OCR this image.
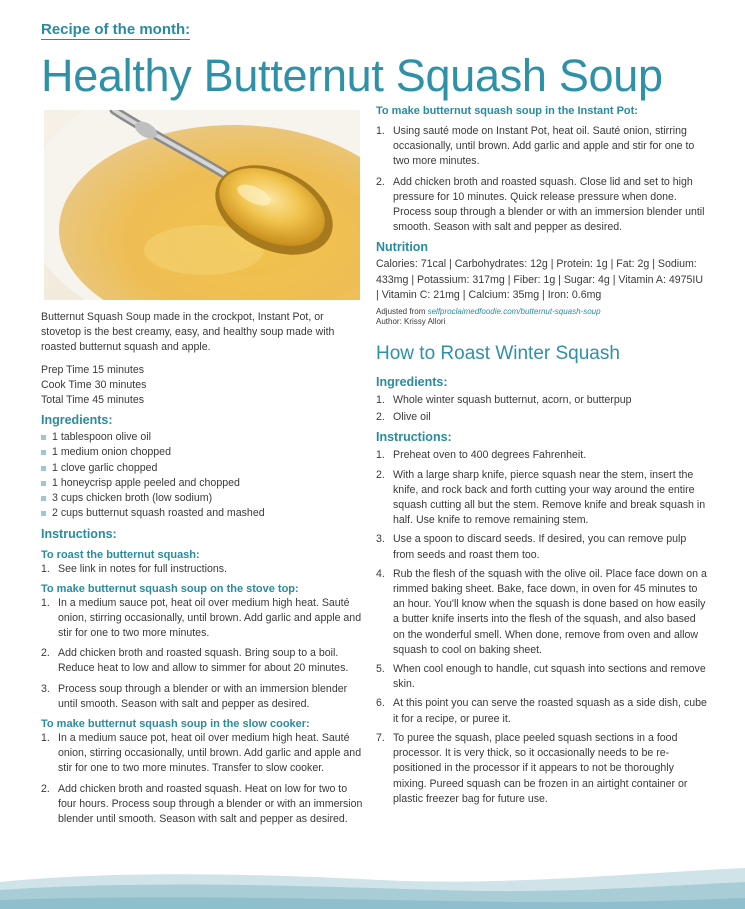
Recipe of the month:
Healthy Butternut Squash Soup
Butternut Squash Soup made in the crockpot, Instant Pot, or stovetop is the best creamy, easy, and healthy soup made with roasted butternut squash and apple.
Prep Time 15 minutes
Cook Time 30 minutes
Total Time 45 minutes
Ingredients:
1 tablespoon olive oil
1 medium onion chopped
1 clove garlic chopped
1 honeycrisp apple peeled and chopped
3 cups chicken broth (low sodium)
2 cups butternut squash roasted and mashed
Instructions:
To roast the butternut squash:
1. See link in notes for full instructions.
To make butternut squash soup on the stove top:
1. In a medium sauce pot, heat oil over medium high heat. Sauté onion, stirring occasionally, until brown. Add garlic and apple and stir for one to two more minutes.
2. Add chicken broth and roasted squash. Bring soup to a boil. Reduce heat to low and allow to simmer for about 20 minutes.
3. Process soup through a blender or with an immersion blender until smooth. Season with salt and pepper as desired.
To make butternut squash soup in the slow cooker:
1. In a medium sauce pot, heat oil over medium high heat. Sauté onion, stirring occasionally, until brown. Add garlic and apple and stir for one to two more minutes. Transfer to slow cooker.
2. Add chicken broth and roasted squash. Heat on low for two to four hours. Process soup through a blender or with an immersion blender until smooth. Season with salt and pepper as desired.
To make butternut squash soup in the Instant Pot:
1. Using sauté mode on Instant Pot, heat oil. Sauté onion, stirring occasionally, until brown. Add garlic and apple and stir for one to two more minutes.
2. Add chicken broth and roasted squash. Close lid and set to high pressure for 10 minutes. Quick release pressure when done. Process soup through a blender or with an immersion blender until smooth. Season with salt and pepper as desired.
Nutrition
Calories: 71cal | Carbohydrates: 12g | Protein: 1g | Fat: 2g | Sodium: 433mg | Potassium: 317mg | Fiber: 1g | Sugar: 4g | Vitamin A: 4975IU | Vitamin C: 21mg | Calcium: 35mg | Iron: 0.6mg
Adjusted from selfproclaimedfoodie.com/butternut-squash-soup
Author: Krissy Allori
How to Roast Winter Squash
Ingredients:
1. Whole winter squash butternut, acorn, or butterpup
2. Olive oil
Instructions:
1. Preheat oven to 400 degrees Fahrenheit.
2. With a large sharp knife, pierce squash near the stem, insert the knife, and rock back and forth cutting your way around the entire squash cutting all but the stem. Remove knife and break squash in half. Use knife to remove remaining stem.
3. Use a spoon to discard seeds. If desired, you can remove pulp from seeds and roast them too.
4. Rub the flesh of the squash with the olive oil. Place face down on a rimmed baking sheet. Bake, face down, in oven for 45 minutes to an hour. You'll know when the squash is done based on how easily a butter knife inserts into the flesh of the squash, and also based on the wonderful smell. When done, remove from oven and allow squash to cool on baking sheet.
5. When cool enough to handle, cut squash into sections and remove skin.
6. At this point you can serve the roasted squash as a side dish, cube it for a recipe, or puree it.
7. To puree the squash, place peeled squash sections in a food processor. It is very thick, so it occasionally needs to be re-positioned in the processor if it appears to not be thoroughly mixing. Pureed squash can be frozen in an airtight container or plastic freezer bag for future use.
